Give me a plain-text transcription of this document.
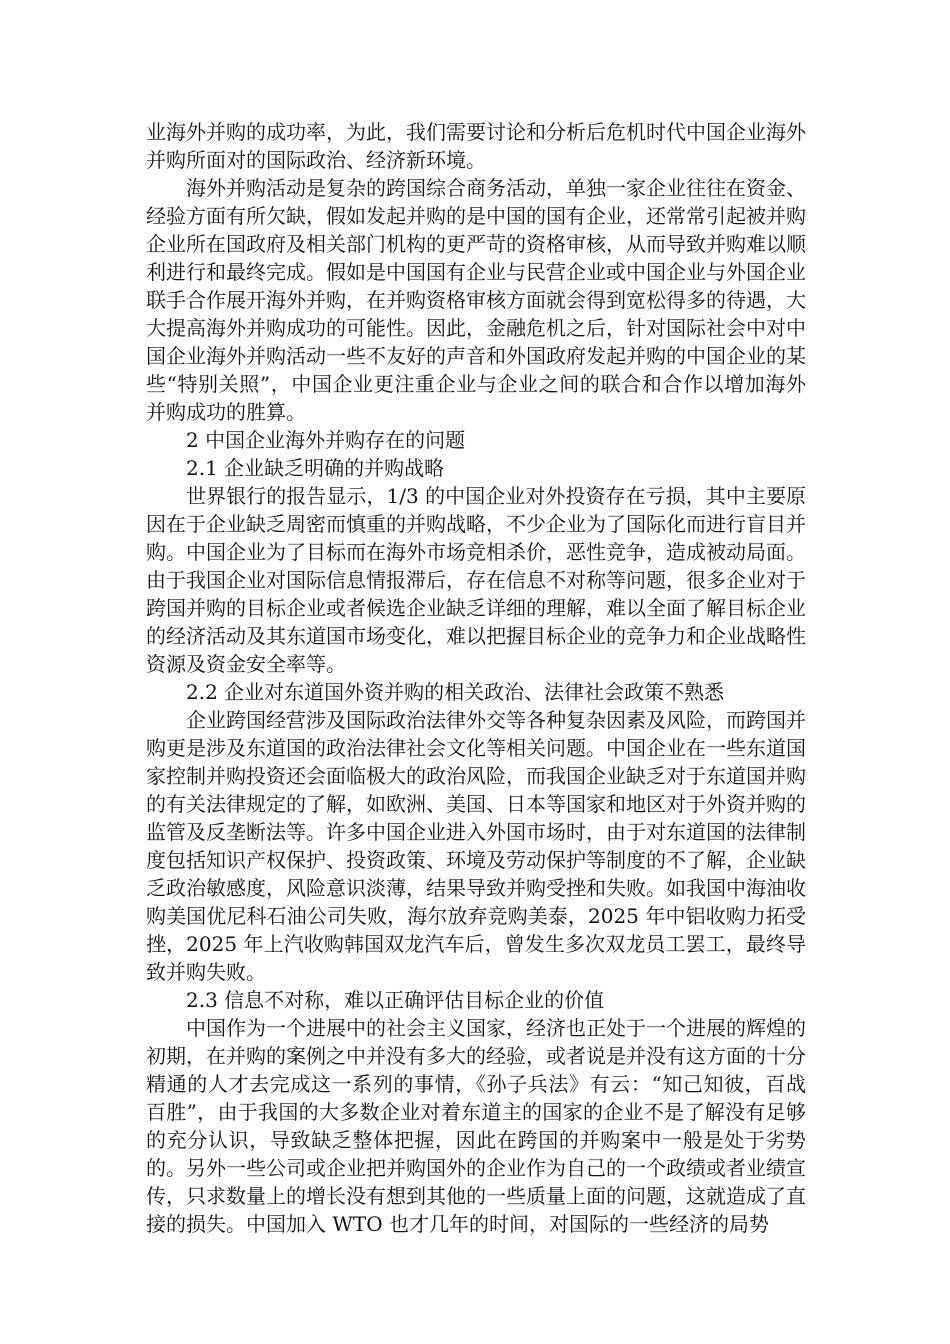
业海外并购的成功率，为此，我们需要讨论和分析后危机时代中国企业海外并购所面对的国际政治、经济新环境。

海外并购活动是复杂的跨国综合商务活动，单独一家企业往往在资金、经验方面有所欠缺，假如发起并购的是中国的国有企业，还常常引起被并购企业所在国政府及相关部门机构的更严苛的资格审核，从而导致并购难以顺利进行和最终完成。假如是中国国有企业与民营企业或中国企业与外国企业联手合作展开海外并购，在并购资格审核方面就会得到宽松得多的待遇，大大提高海外并购成功的可能性。因此，金融危机之后，针对国际社会中对中国企业海外并购活动一些不友好的声音和外国政府发起并购的中国企业的某些“特别关照”，中国企业更注重企业与企业之间的联合和合作以增加海外并购成功的胜算。

2 中国企业海外并购存在的问题

2.1 企业缺乏明确的并购战略

世界银行的报告显示，1/3 的中国企业对外投资存在亏损，其中主要原因在于企业缺乏周密而慎重的并购战略，不少企业为了国际化而进行盲目并购。中国企业为了目标而在海外市场竞相杀价，恶性竞争，造成被动局面。由于我国企业对国际信息情报滞后，存在信息不对称等问题，很多企业对于跨国并购的目标企业或者候选企业缺乏详细的理解，难以全面了解目标企业的经济活动及其东道国市场变化，难以把握目标企业的竞争力和企业战略性资源及资金安全率等。

2.2 企业对东道国外资并购的相关政治、法律社会政策不熟悉

企业跨国经营涉及国际政治法律外交等各种复杂因素及风险，而跨国并购更是涉及东道国的政治法律社会文化等相关问题。中国企业在一些东道国家控制并购投资还会面临极大的政治风险，而我国企业缺乏对于东道国并购的有关法律规定的了解，如欧洲、美国、日本等国家和地区对于外资并购的监管及反垄断法等。许多中国企业进入外国市场时，由于对东道国的法律制度包括知识产权保护、投资政策、环境及劳动保护等制度的不了解，企业缺乏政治敏感度，风险意识淡薄，结果导致并购受挫和失败。如我国中海油收购美国优尼科石油公司失败，海尔放弃竞购美泰，2025 年中铝收购力拓受挫，2025 年上汽收购韩国双龙汽车后，曾发生多次双龙员工罢工，最终导致并购失败。

2.3 信息不对称，难以正确评估目标企业的价值

中国作为一个进展中的社会主义国家，经济也正处于一个进展的辉煌的初期，在并购的案例之中并没有多大的经验，或者说是并没有这方面的十分精通的人才去完成这一系列的事情，《孙子兵法》有云：“知己知彼，百战百胜”，由于我国的大多数企业对着东道主的国家的企业不是了解没有足够的充分认识，导致缺乏整体把握，因此在跨国的并购案中一般是处于劣势的。另外一些公司或企业把并购国外的企业作为自己的一个政绩或者业绩宣传，只求数量上的增长没有想到其他的一些质量上面的问题，这就造成了直接的损失。中国加入 WTO 也才几年的时间，对国际的一些经济的局势
